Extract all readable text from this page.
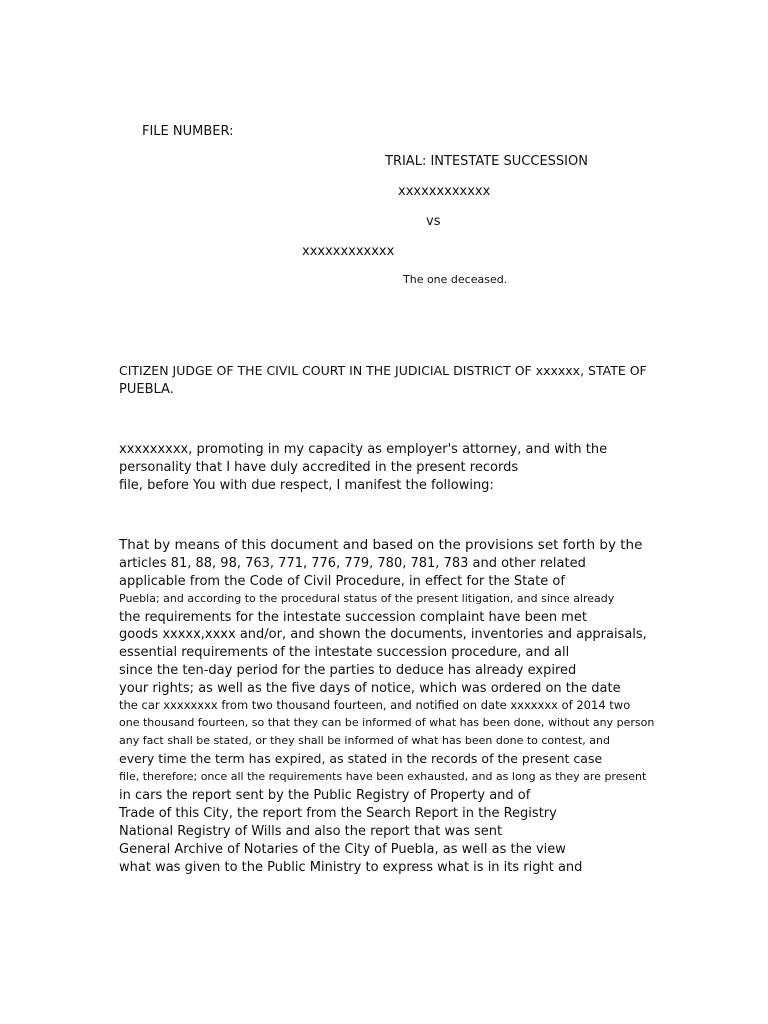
FILE NUMBER:
TRIAL: INTESTATE SUCCESSION
xxxxxxxxxxxx
vs
xxxxxxxxxxxx
The one deceased.
CITIZEN JUDGE OF THE CIVIL COURT IN THE JUDICIAL DISTRICT OF xxxxxx, STATE OF
PUEBLA.
xxxxxxxxx, promoting in my capacity as employer's attorney, and with the
personality that I have duly accredited in the present records
file, before You with due respect, I manifest the following:
That by means of this document and based on the provisions set forth by the
articles 81, 88, 98, 763, 771, 776, 779, 780, 781, 783 and other related
applicable from the Code of Civil Procedure, in effect for the State of
Puebla; and according to the procedural status of the present litigation, and since already
the requirements for the intestate succession complaint have been met
goods xxxxx,xxxx and/or, and shown the documents, inventories and appraisals,
essential requirements of the intestate succession procedure, and all
since the ten-day period for the parties to deduce has already expired
your rights; as well as the five days of notice, which was ordered on the date
the car xxxxxxxx from two thousand fourteen, and notified on date xxxxxxx of 2014 two
one thousand fourteen, so that they can be informed of what has been done, without any person
any fact shall be stated, or they shall be informed of what has been done to contest, and
every time the term has expired, as stated in the records of the present case
file, therefore; once all the requirements have been exhausted, and as long as they are present
in cars the report sent by the Public Registry of Property and of
Trade of this City, the report from the Search Report in the Registry
National Registry of Wills and also the report that was sent
General Archive of Notaries of the City of Puebla, as well as the view
what was given to the Public Ministry to express what is in its right and
